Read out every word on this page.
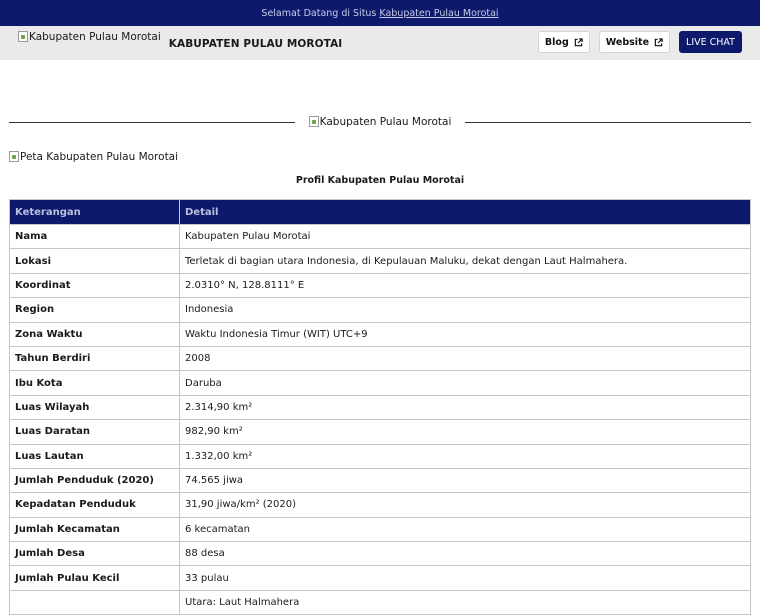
Selamat Datang di Situs Kabupaten Pulau Morotai
Kabupaten Pulau Morotai
KABUPATEN PULAU MOROTAI	Blog	Website	LIVE CHAT
Kabupaten Pulau Morotai
Peta Kabupaten Pulau Morotai
Profil Kabupaten Pulau Morotai
Keterangan	Detail
Nama	Kabupaten Pulau Morotai
Lokasi	Terletak di bagian utara Indonesia, di Kepulauan Maluku, dekat dengan Laut Halmahera.
Koordinat	2.0310° N, 128.8111° E
Region	Indonesia
Zona Waktu	Waktu Indonesia Timur (WIT) UTC+9
Tahun Berdiri	2008
Ibu Kota	Daruba
Luas Wilayah	2.314,90 km²
Luas Daratan	982,90 km²
Luas Lautan	1.332,00 km²
Jumlah Penduduk (2020)	74.565 jiwa
Kepadatan Penduduk	31,90 jiwa/km² (2020)
Jumlah Kecamatan	6 kecamatan
Jumlah Desa	88 desa
Jumlah Pulau Kecil	33 pulau
	Utara: Laut Halmahera
